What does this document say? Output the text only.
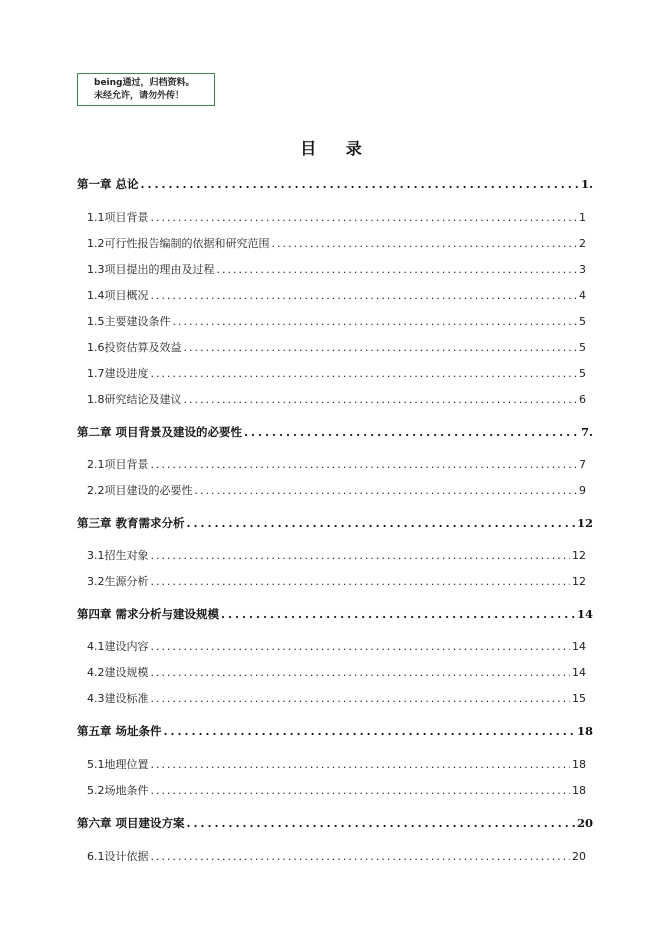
being通过，归档资料。
未经允许，请勿外传！
目 录
第一章 总论 .....	1.
1.1项目背景 .....	1
1.2可行性报告编制的依据和研究范围 .....	2
1.3项目提出的理由及过程 .....	3
1.4项目概况 .....	4
1.5主要建设条件 .....	5
1.6投资估算及效益 .....	5
1.7建设进度 .....	5
1.8研究结论及建议 .....	6
第二章 项目背景及建设的必要性 .....	7.
2.1项目背景 .....	7
2.2项目建设的必要性 .....	9
第三章 教育需求分析 .....	12
3.1招生对象 .....	12
3.2生源分析 .....	12
第四章 需求分析与建设规模 .....	14
4.1建设内容 .....	14
4.2建设规模 .....	14
4.3建设标准 .....	15
第五章 场址条件 .....	18
5.1地理位置 .....	18
5.2场地条件 .....	18
第六章 项目建设方案 .....	20
6.1设计依据 .....	20
